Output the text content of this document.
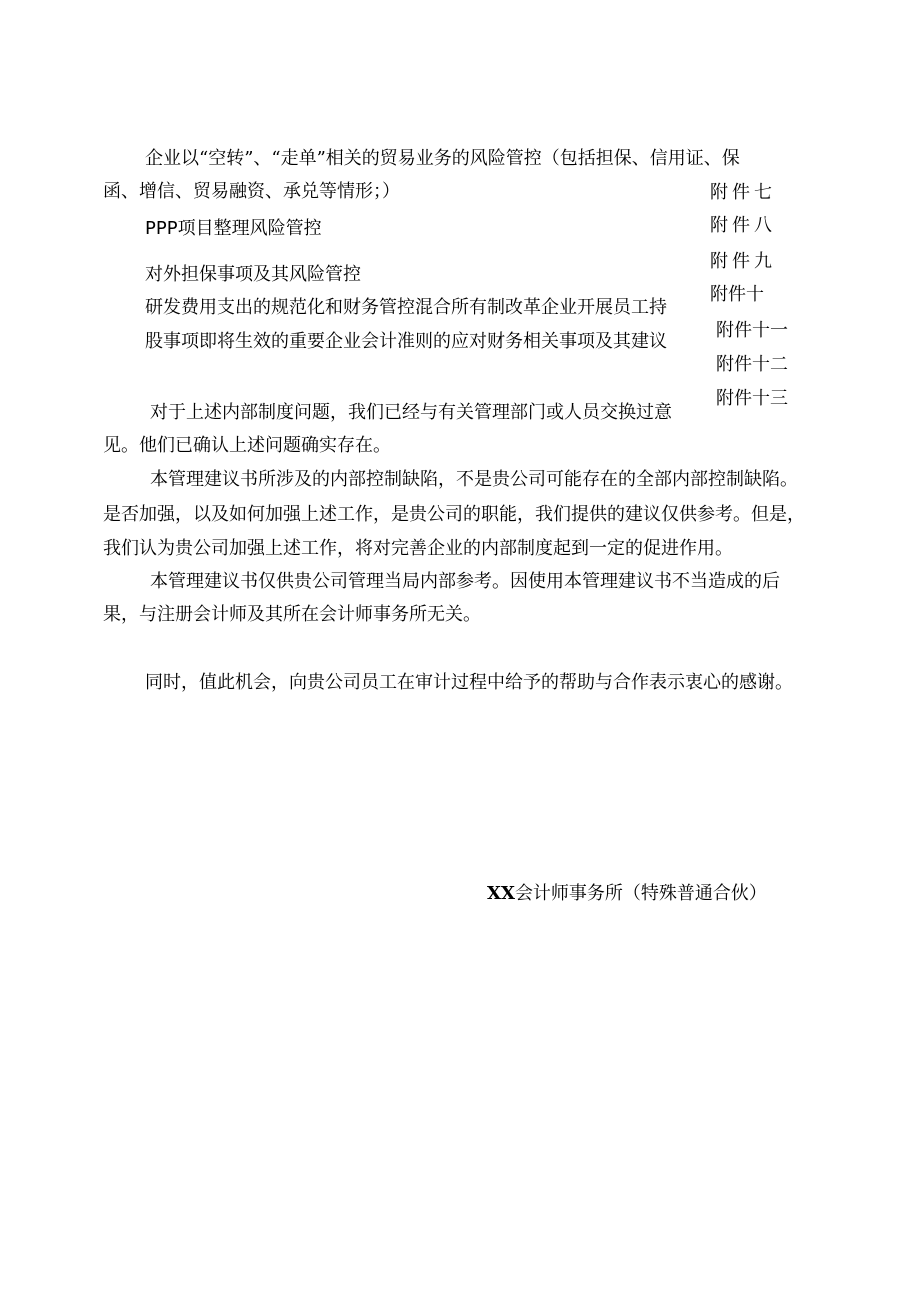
企业以“空转”、“走单”相关的贸易业务的风险管控（包括担保、信用证、保
函、增信、贸易融资、承兑等情形；）
PPP项目整理风险管控
对外担保事项及其风险管控
研发费用支出的规范化和财务管控混合所有制改革企业开展员工持
股事项即将生效的重要企业会计准则的应对财务相关事项及其建议
附件七
附件八
附件九
附件十
附件十一
附件十二
附件十三
对于上述内部制度问题，我们已经与有关管理部门或人员交换过意
见。他们已确认上述问题确实存在。
本管理建议书所涉及的内部控制缺陷，不是贵公司可能存在的全部内部控制缺陷。
是否加强，以及如何加强上述工作，是贵公司的职能，我们提供的建议仅供参考。但是，
我们认为贵公司加强上述工作，将对完善企业的内部制度起到一定的促进作用。
本管理建议书仅供贵公司管理当局内部参考。因使用本管理建议书不当造成的后
果，与注册会计师及其所在会计师事务所无关。
同时，值此机会，向贵公司员工在审计过程中给予的帮助与合作表示衷心的感谢。
XX会计师事务所（特殊普通合伙）
